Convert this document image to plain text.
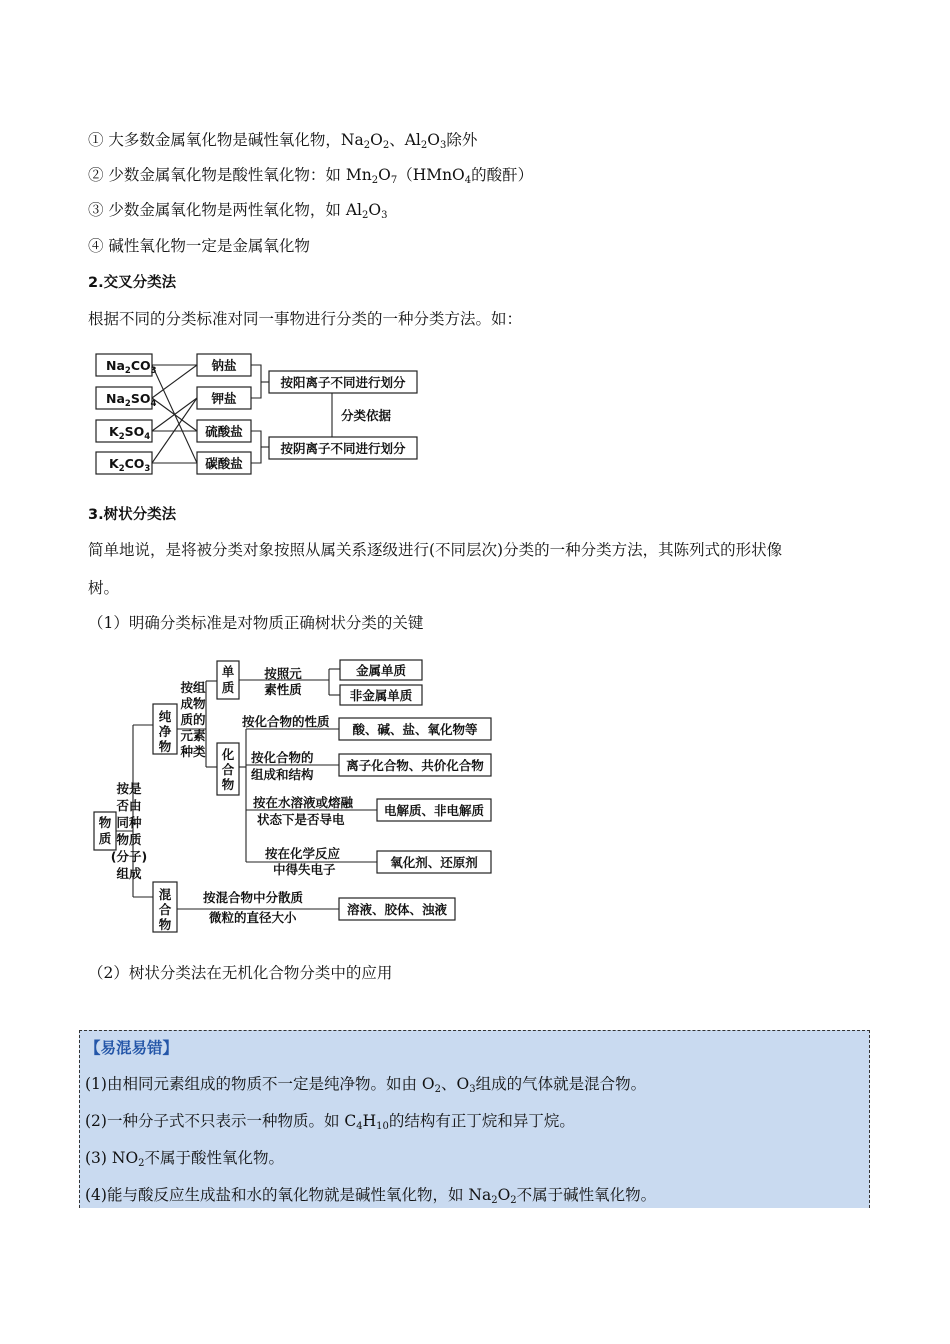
① 大多数金属氧化物是碱性氧化物，$Na_2O_2$、$Al_2O_3$除外
② 少数金属氧化物是酸性氧化物：如 $Mn_2O_7(HMnO_4$的酸酐）
③ 少数金属氧化物是两性氧化物，如 $Al_2O_3$
④ 碱性氧化物一定是金属氧化物
2.交叉分类法
根据不同的分类标准对同一事物进行分类的一种分类方法。如：
$Na_2CO_3$
$Na_2SO_4$
$K_2SO_4$
$K_2CO_3$
钠盐
钾盐
硫酸盐
碳酸盐
按阳离子不同进行划分
按阴离子不同进行划分
分类依据
3.树状分类法
简单地说，是将被分类对象按照从属关系逐级进行(不同层次)分类的一种分类方法，其陈列式的形状像
树。
（1）明确分类标准是对物质正确树状分类的关键
物
质
按是
否由
同种
物质
(分子)
组成
纯
净
物
按组
成物
质的
元素
种类
单
质
按照元
素性质
金属单质
非金属单质
化
合
物
按化合物的性质
酸、碱、盐、氧化物等
按化合物的
组成和结构
离子化合物、共价化合物
按在水溶液或熔融
状态下是否导电
电解质、非电解质
按在化学反应
中得失电子	氧化剂、还原剂
混
合
物
按混合物中分散质
微粒的直径大小
溶液、胶体、浊液
（2）树状分类法在无机化合物分类中的应用
【易混易错】
(1)由相同元素组成的物质不一定是纯净物。如由 $O_2$、$O_3$组成的气体就是混合物。
(2)一种分子式不只表示一种物质。如 $C_4H_{10}$的结构有正丁烷和异丁烷。
(3) $NO_2$不属于酸性氧化物。
(4)能与酸反应生成盐和水的氧化物就是碱性氧化物，如 $Na_2O_2$不属于碱性氧化物。
